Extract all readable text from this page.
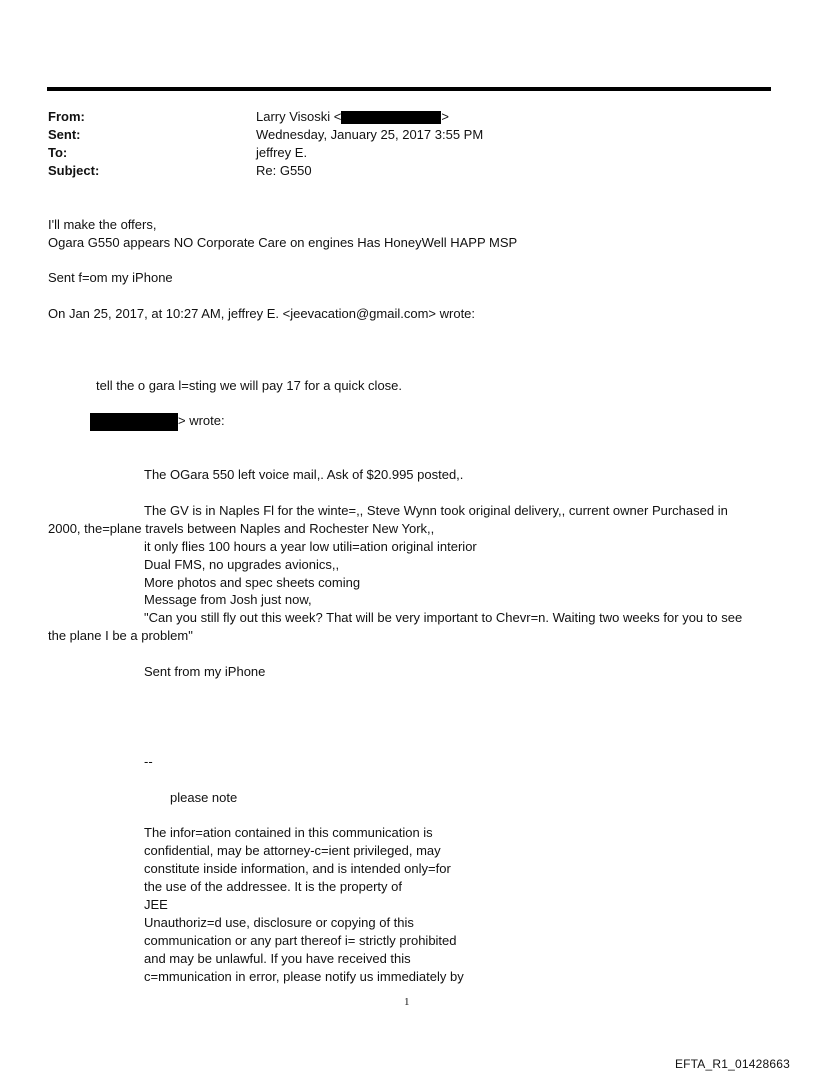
From:	Larry Visoski <	>
Sent:	Wednesday, January 25, 2017 3:55 PM
To:	jeffrey E.
Subject:	Re: G550
I'll make the offers,
Ogara G550 appears NO Corporate Care on engines Has HoneyWell HAPP MSP
Sent f=om my iPhone
On Jan 25, 2017, at 10:27 AM, jeffrey E. <jeevacation@gmail.com> wrote:
tell the o gara l=sting we will pay 17 for a quick close.
> wrote:
The OGara 550 left voice mail,. Ask of $20.995 posted,.
The GV is in Naples Fl for the winte=,, Steve Wynn took original delivery,, current owner Purchased in 2000, the=plane travels between Naples and Rochester New York,,
it only flies 100 hours a year low utili=ation original interior
Dual FMS, no upgrades avionics,,
More photos and spec sheets coming
Message from Josh just now,
"Can you still fly out this week? That will be very important to Chevr=n. Waiting two weeks for you to see the plane I be a problem"
Sent from my iPhone
--
please note
The infor=ation contained in this communication is
confidential, may be attorney-c=ient privileged, may
constitute inside information, and is intended only=for
the use of the addressee. It is the property of
JEE
Unauthoriz=d use, disclosure or copying of this
communication or any part thereof i= strictly prohibited
and may be unlawful. If you have received this
c=mmunication in error, please notify us immediately by
1
EFTA_R1_01428663
